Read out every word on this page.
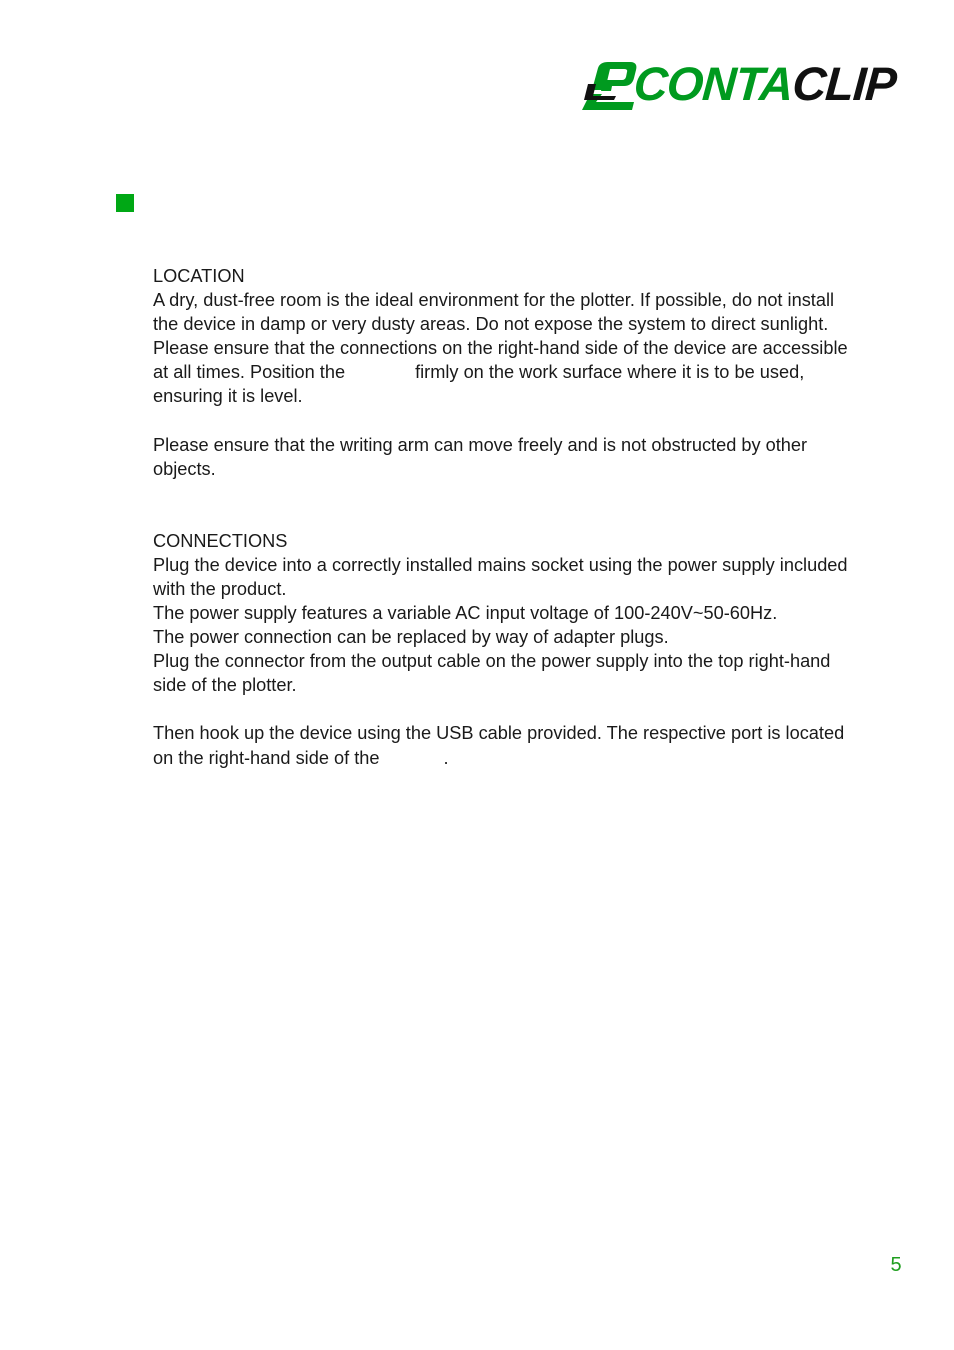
CONTACLIP

LOCATION

A dry, dust-free room is the ideal environment for the plotter. If possible, do not install

the device in damp or very dusty areas. Do not expose the system to direct sunlight.

Please ensure that the connections on the right-hand side of the device are accessible

at all times. Position the	firmly on the work surface where it is to be used,

ensuring it is level.

Please ensure that the writing arm can move freely and is not obstructed by other

objects.

CONNECTIONS

Plug the device into a correctly installed mains socket using the power supply included

with the product.

The power supply features a variable AC input voltage of 100-240V~50-60Hz.

The power connection can be replaced by way of adapter plugs.

Plug the connector from the output cable on the power supply into the top right-hand

side of the plotter.

Then hook up the device using the USB cable provided. The respective port is located

on the right-hand side of the	.

5
